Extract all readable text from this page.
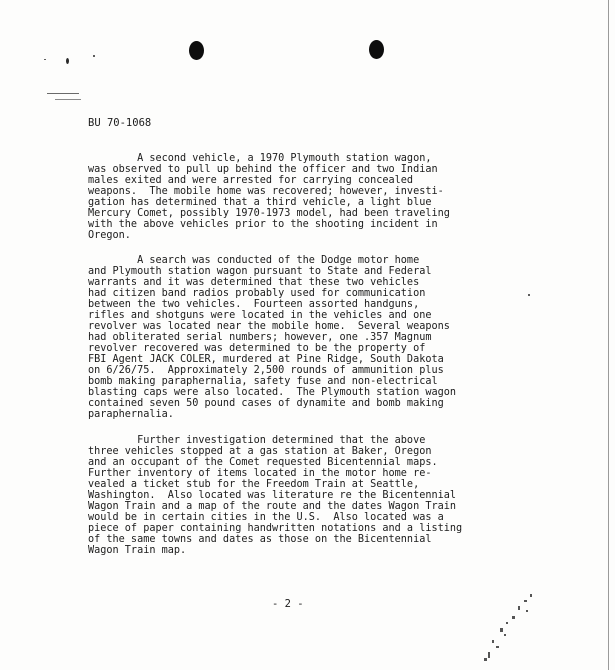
BU 70-1068

A second vehicle, a 1970 Plymouth station wagon,
was observed to pull up behind the officer and two Indian
males exited and were arrested for carrying concealed
weapons.  The mobile home was recovered; however, investi-
gation has determined that a third vehicle, a light blue
Mercury Comet, possibly 1970-1973 model, had been traveling
with the above vehicles prior to the shooting incident in
Oregon.

A search was conducted of the Dodge motor home
and Plymouth station wagon pursuant to State and Federal
warrants and it was determined that these two vehicles
had citizen band radios probably used for communication
between the two vehicles.  Fourteen assorted handguns,
rifles and shotguns were located in the vehicles and one
revolver was located near the mobile home.  Several weapons
had obliterated serial numbers; however, one .357 Magnum
revolver recovered was determined to be the property of
FBI Agent JACK COLER, murdered at Pine Ridge, South Dakota
on 6/26/75.  Approximately 2,500 rounds of ammunition plus
bomb making paraphernalia, safety fuse and non-electrical
blasting caps were also located.  The Plymouth station wagon
contained seven 50 pound cases of dynamite and bomb making
paraphernalia.

Further investigation determined that the above
three vehicles stopped at a gas station at Baker, Oregon
and an occupant of the Comet requested Bicentennial maps.
Further inventory of items located in the motor home re-
vealed a ticket stub for the Freedom Train at Seattle,
Washington.  Also located was literature re the Bicentennial
Wagon Train and a map of the route and the dates Wagon Train
would be in certain cities in the U.S.  Also located was a
piece of paper containing handwritten notations and a listing
of the same towns and dates as those on the Bicentennial
Wagon Train map.

- 2 -
